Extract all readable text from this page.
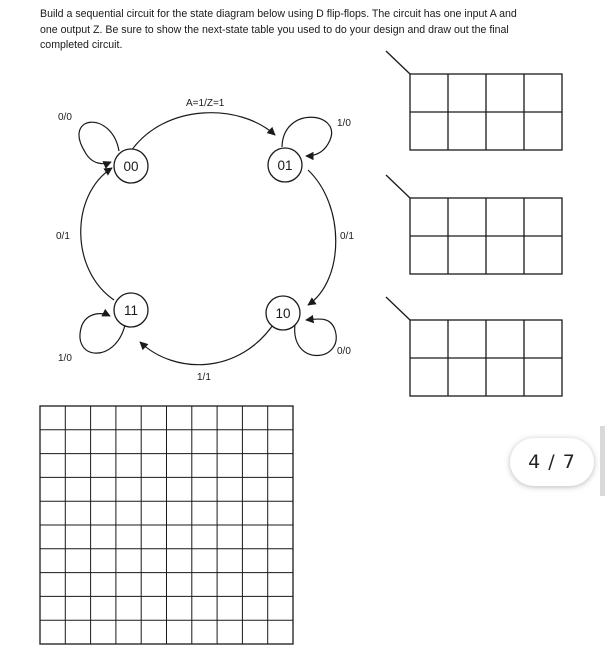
Build a sequential circuit for the state diagram below using D flip-flops. The circuit has one input A and
one output Z. Be sure to show the next-state table you used to do your design and draw out the final
completed circuit.
00	01
10
11
A=1/Z=1
0/1
1/1
0/1
0/0
1/0
0/0
1/0
4 / 7
